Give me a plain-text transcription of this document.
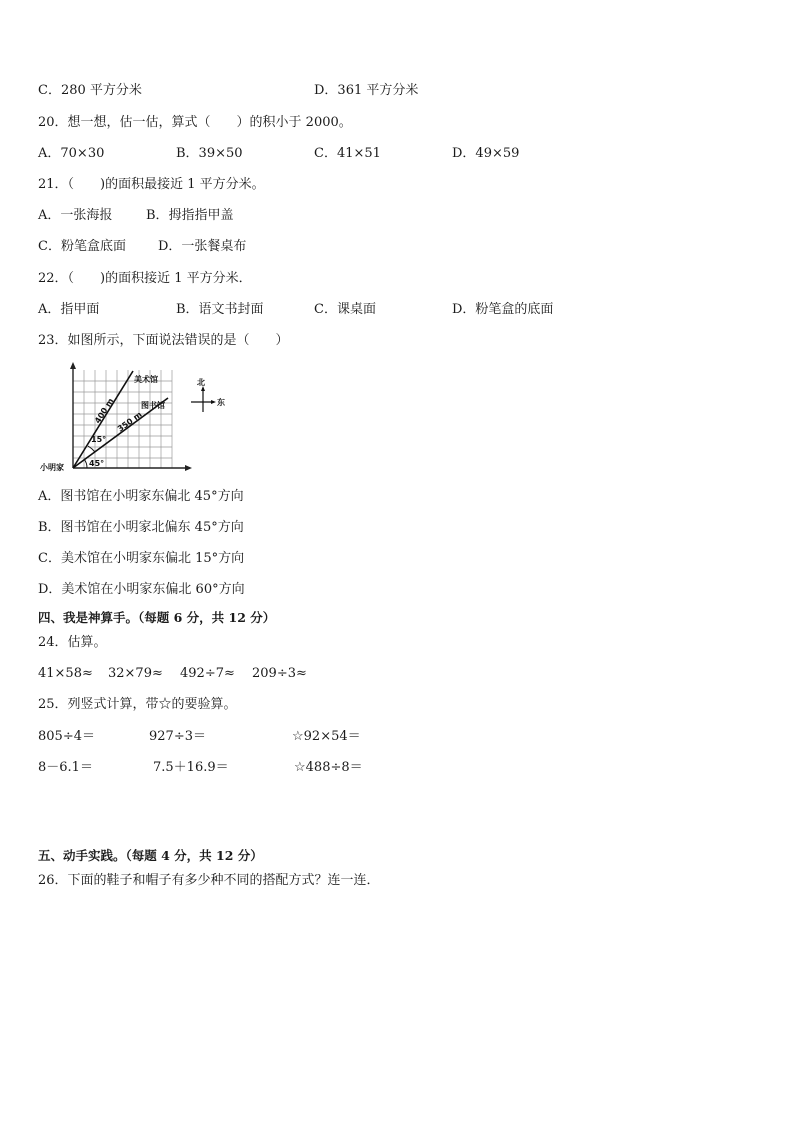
C．280 平方分米	D．361 平方分米
20．想一想，估一估，算式（　　）的积小于 2000。
A．70×30	B．39×50	C．41×51	D．49×59
21．（　　)的面积最接近 1 平方分米。
A．一张海报	B．拇指指甲盖
C．粉笔盒底面 D．一张餐桌布
22．（　　)的面积接近 1 平方分米．
A．指甲面	B．语文书封面	C．课桌面	D．粉笔盒的底面
23．如图所示，下面说法错误的是（　　）
美术馆
图书馆
小明家
400 m 350 m
15°
45°
北
东
A．图书馆在小明家东偏北 45°方向
B．图书馆在小明家北偏东 45°方向
C．美术馆在小明家东偏北 15°方向
D．美术馆在小明家东偏北 60°方向
四、我是神算手。（每题 6 分，共 12 分）
24．估算。
41×58≈ 32×79≈ 492÷7≈ 209÷3≈
25．列竖式计算，带☆的要验算。
805÷4＝	927÷3＝	☆92×54＝
8－6.1＝	7.5＋16.9＝	☆488÷8＝
五、动手实践。（每题 4 分，共 12 分）
26．下面的鞋子和帽子有多少种不同的搭配方式？连一连．
